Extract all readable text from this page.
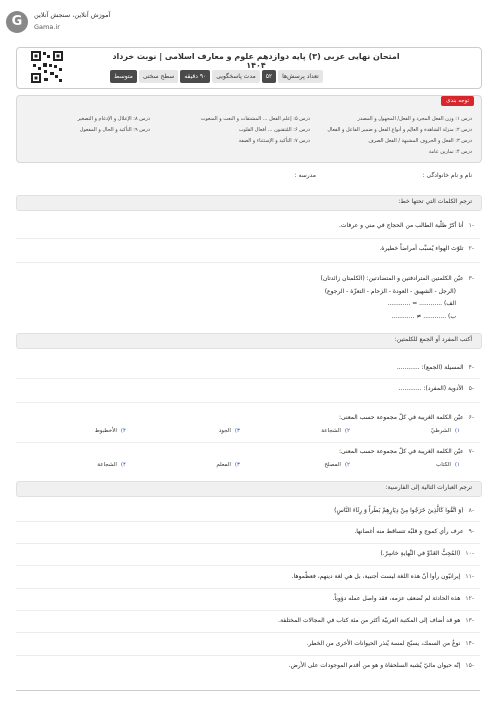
G	آموزش آنلاین، سنجش آنلاین
Gama.ir
امتحان نهایی عربی (۳) پایه دوازدهم علوم و معارف اسلامی | نوبت خرداد ۱۴۰۴
تعداد پرسش‌ها
۵۲
مدت پاسخگویی
۹۰ دقیقه
سطح سختی
متوسط
توجه بندی
درس ۱: وزن الفعل المجرد و الفعل/ المجهول و المصدر
درس ۲: منزلة الشاهدة و العالِم و أنواع الفعل و ضمیر الفاعل و الفعال
درس ۳: الفعل و الحروف المشبهة / الفعل الصرف
درس ۴: تمارین عامة
درس ۵: إعلم الفعل ... المشتقات و النعت و المنعوت
درس ۶: المُتقنون ... أفعال القلوب
درس ۷: التأکید و الإستثناء و الصفة
درس ۸: الإعلال و الإدغام و التصغیر
درس ۹: التأکید و الحال و المفعول
نام و نام خانوادگی :
مدرسه :
ترجم الكلمات التي تحتها خط:
-۱أنا أكرّ ظلّية الطالب من الحجاج في مني و عرفات.
-۲تلوّث الهواء يُسبِّب أمراضاً خطيرة.
-۳عيّن الكلمتين المترادفتين و المتضادتين: (الكلمتان زائدتان)
(الرجل - الشهيق - العودة - الزحام - التعزّة - الرجوع)
الف) ............ = ............
ب) ............ ≠ ............
أكتب المفرد أو الجمع للكلمتين:
-۴المسيلة (الجمع): ............
-۵الأدوية (المفرد): ............
-۶عيّن الكلمة الغريبة في كلّ مجموعة حسب المعنى:
۱)الشرطيّ
۲)الشجاعة
۳)الجود
۴)الأخطبوط
-۷عيّن الكلمة الغريبة في كلّ مجموعة حسب المعنى:
۱)الكتاب
۲)المصلح
۳)المعلم
۴)الشجاعة
ترجم العبارات التالية إلى الفارسية:
-۸(وَ اتَّقُوا كَالَّذِينَ خَرَجُوا مِنْ دِيَارِهِمْ بَطَراً وَ رِئَاءَ النَّاسِ)
-۹عرف رأي كموج و قلبُه تتساقط منه أغصانها.
-۱۰(المُحِبُّ العَدُوِّ في النِّهايةِ خاسِرٌ.)
-۱۱إيرانيّون رأوا أنّ هذه اللغة ليست أجنبية، بل هي لغة دينهم، فعظّموها.
-۱۲هذه الحادثة لم تُضعف عزمه، فقد واصل عمله دؤوباً.
-۱۳هو قد أضاف إلى المكتبة العربيّة أكثر من مئة كتاب في المجالات المختلفة.
-۱۴نوعٌ من السمك، يسبّح لمسة يُنذر الحيوانات الأخرى من الخطر.
-۱۵إنّه حيوان مائيّ يُشبه السلحفاة و هو من أقدم الموجودات على الأرض.
